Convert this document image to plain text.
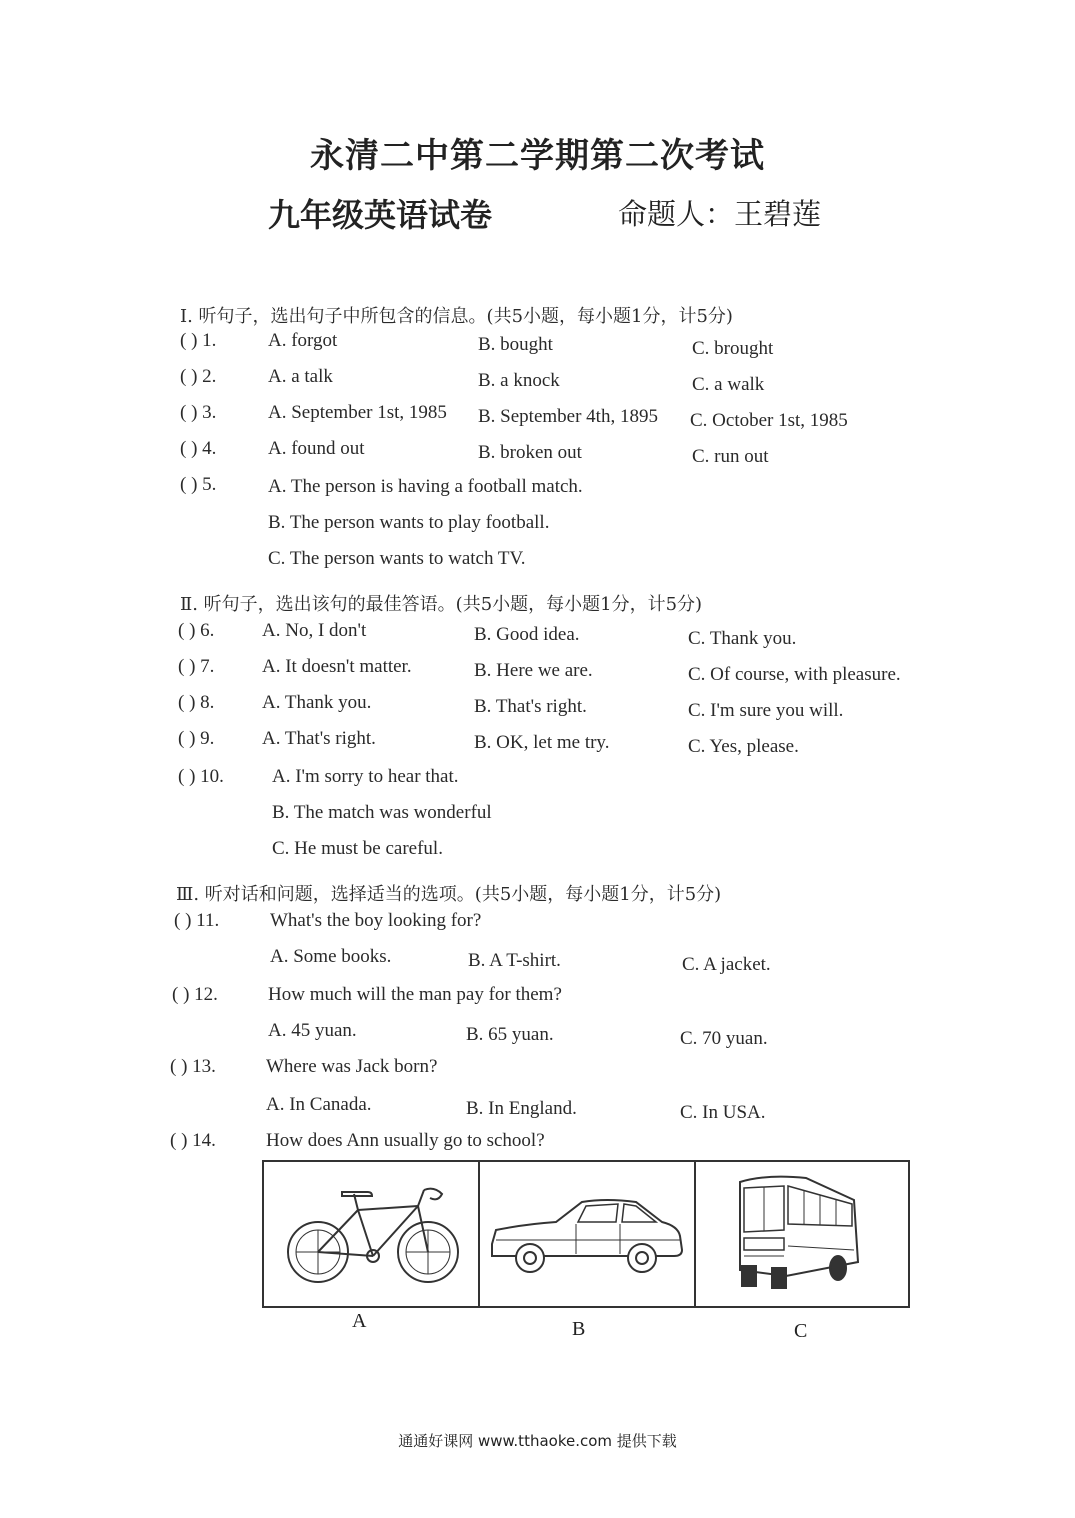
永清二中第二学期第二次考试
九年级英语试卷	命题人：王碧莲
I. 听句子，选出句子中所包含的信息。(共5小题，每小题1分，计5分)
( ) 1.	A. forgot	B. bought	C. brought
( ) 2.	A. a talk	B. a knock	C. a walk
( ) 3.	A. September 1st, 1985 B. September 4th, 1895 C. October 1st, 1985
( ) 4.	A. found out	B. broken out	C. run out
( ) 5.	A. The person is having a football match.
B. The person wants to play football.
C. The person wants to watch TV.
Ⅱ. 听句子，选出该句的最佳答语。(共5小题，每小题1分，计5分)
( ) 6.	A. No, I don't	B. Good idea.	C. Thank you.
( ) 7.	A. It doesn't matter.	B. Here we are.	C. Of course, with pleasure.
( ) 8.	A. Thank you.	B. That's right.	C. I'm sure you will.
( ) 9.	A. That's right.	B. OK, let me try.	C. Yes, please.
( ) 10.	A. I'm sorry to hear that.
B. The match was wonderful
C. He must be careful.
Ⅲ. 听对话和问题，选择适当的选项。(共5小题，每小题1分，计5分)
( ) 11.	What's the boy looking for?
A. Some books.	B. A T-shirt.	C. A jacket.
( ) 12.	How much will the man pay for them?
A. 45 yuan.	B. 65 yuan.	C. 70 yuan.
( ) 13.	Where was Jack born?
A. In Canada.	B. In England.	C. In USA.
( ) 14.	How does Ann usually go to school?
A	B	C
通通好课网 www.tthaoke.com 提供下载
